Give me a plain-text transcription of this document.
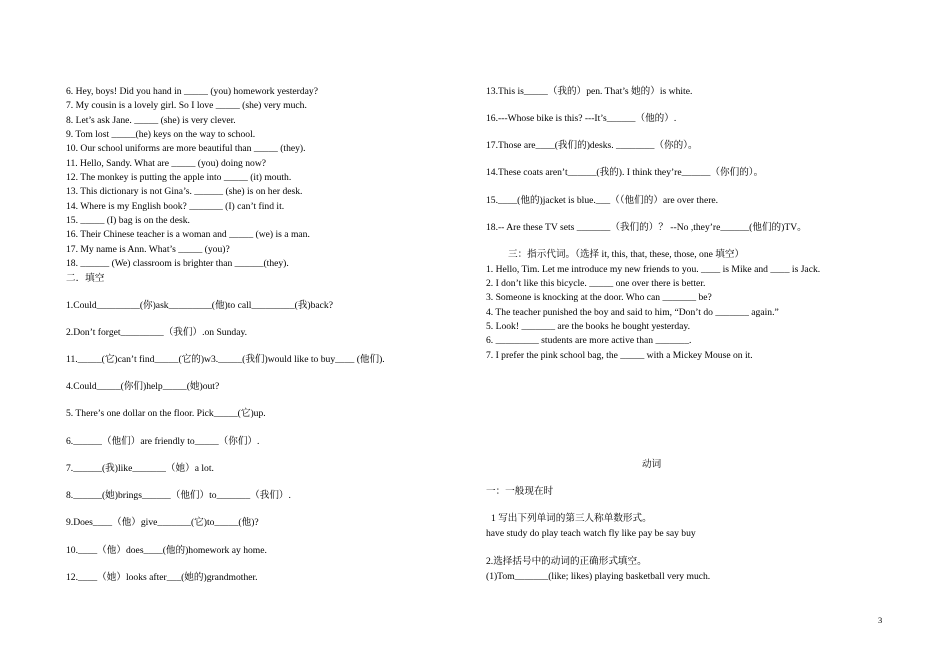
6. Hey, boys! Did you hand in _____ (you) homework yesterday?
7. My cousin is a lovely girl. So I love _____ (she) very much.
8. Let’s ask Jane. _____ (she) is very clever.
9. Tom lost _____(he) keys on the way to school.
10. Our school uniforms are more beautiful than _____ (they).
11. Hello, Sandy. What are _____ (you) doing now?
12. The monkey is putting the apple into _____ (it) mouth.
13. This dictionary is not Gina’s. ______ (she) is on her desk.
14. Where is my English book? _______ (I) can’t find it.
15. _____ (I) bag is on the desk.
16. Their Chinese teacher is a woman and _____ (we) is a man.
17. My name is Ann. What’s _____ (you)?
18. ______ (We) classroom is brighter than ______(they).
二．填空
1.Could_________(你)ask_________(他)to call_________(我)back?
2.Don’t forget_________（我们）.on Sunday.
11._____(它)can’t find_____(它的)w3._____(我们)would like to buy____ (他们).
4.Could_____(你们)help_____(她)out?
5. There’s one dollar on the floor. Pick_____(它)up.
6.______（他们）are friendly to_____（你们）.
7.______(我)like_______（她）a lot.
8.______(她)brings______（他们）to_______（我们）.
9.Does____（他）give_______(它)to_____(他)?
10.____（他）does____(他的)homework ay home.
12.____（她）looks after___(她的)grandmother.
13.This is_____（我的）pen. That’s 她的）is white.
16.---Whose bike is this? ---It’s______（他的）.
17.Those are____(我们的)desks. ________（你的）。
14.These coats aren’t______(我的). I think they’re______（你们的）。
15.____(他的)jacket is blue.___（（他们的）are over there.
18.-- Are these TV sets _______（我们的）？ --No ,they’re______(他们的)TV。
三：指示代词。（选择 it, this, that, these, those, one 填空）
1. Hello, Tim. Let me introduce my new friends to you. ____ is Mike and ____ is Jack.
2. I don’t like this bicycle. _____ one over there is better.
3. Someone is knocking at the door. Who can _______ be?
4. The teacher punished the boy and said to him, “Don’t do _______ again.”
5. Look! _______ are the books he bought yesterday.
6. _________ students are more active than _______.
7. I prefer the pink school bag, the _____ with a Mickey Mouse on it.
动词
一：一般现在时
1 写出下列单词的第三人称单数形式。
have study do play teach watch fly like pay be say buy
2.选择括号中的动词的正确形式填空。
(1)Tom_______(like; likes) playing basketball very much.
3
